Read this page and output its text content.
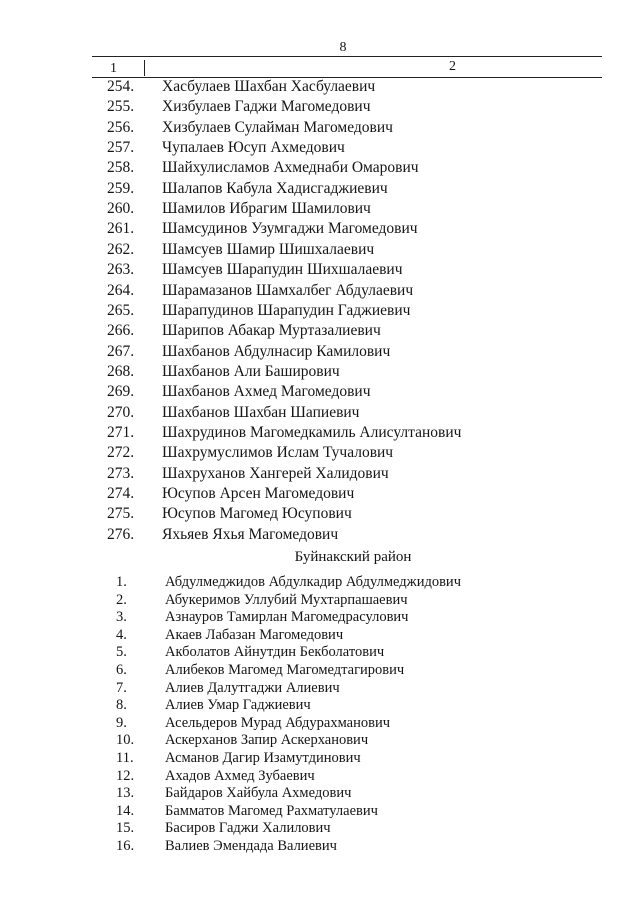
8
1	2
254. Хасбулаев Шахбан Хасбулаевич
255. Хизбулаев Гаджи Магомедович
256. Хизбулаев Сулайман Магомедович
257. Чупалаев Юсуп Ахмедович
258. Шайхулисламов Ахмеднаби Омарович
259. Шалапов Кабула Хадисгаджиевич
260. Шамилов Ибрагим Шамилович
261. Шамсудинов Узумгаджи Магомедович
262. Шамсуев Шамир Шишхалаевич
263. Шамсуев Шарапудин Шихшалаевич
264. Шарамазанов Шамхалбег Абдулаевич
265. Шарапудинов Шарапудин Гаджиевич
266. Шарипов Абакар Муртазалиевич
267. Шахбанов Абдулнасир Камилович
268. Шахбанов Али Баширович
269. Шахбанов Ахмед Магомедович
270. Шахбанов Шахбан Шапиевич
271. Шахрудинов Магомедкамиль Алисултанович
272. Шахрумуслимов Ислам Тучалович
273. Шахруханов Хангерей Халидович
274. Юсупов Арсен Магомедович
275. Юсупов Магомед Юсупович
276. Яхьяев Яхья Магомедович
Буйнакский район
1.	Абдулмеджидов Абдулкадир Абдулмеджидович
2.	Абукеримов Уллубий Мухтарпашаевич
3.	Азнауров Тамирлан Магомедрасулович
4.	Акаев Лабазан Магомедович
5.	Акболатов Айнутдин Бекболатович
6.	Алибеков Магомед Магомедтагирович
7.	Алиев Далутгаджи Алиевич
8.	Алиев Умар Гаджиевич
9.	Асельдеров Мурад Абдурахманович
10. Аскерханов Запир Аскерханович
11. Асманов Дагир Изамутдинович
12. Ахадов Ахмед Зубаевич
13. Байдаров Хайбула Ахмедович
14. Бамматов Магомед Рахматулаевич
15. Басиров Гаджи Халилович
16. Валиев Эмендада Валиевич
